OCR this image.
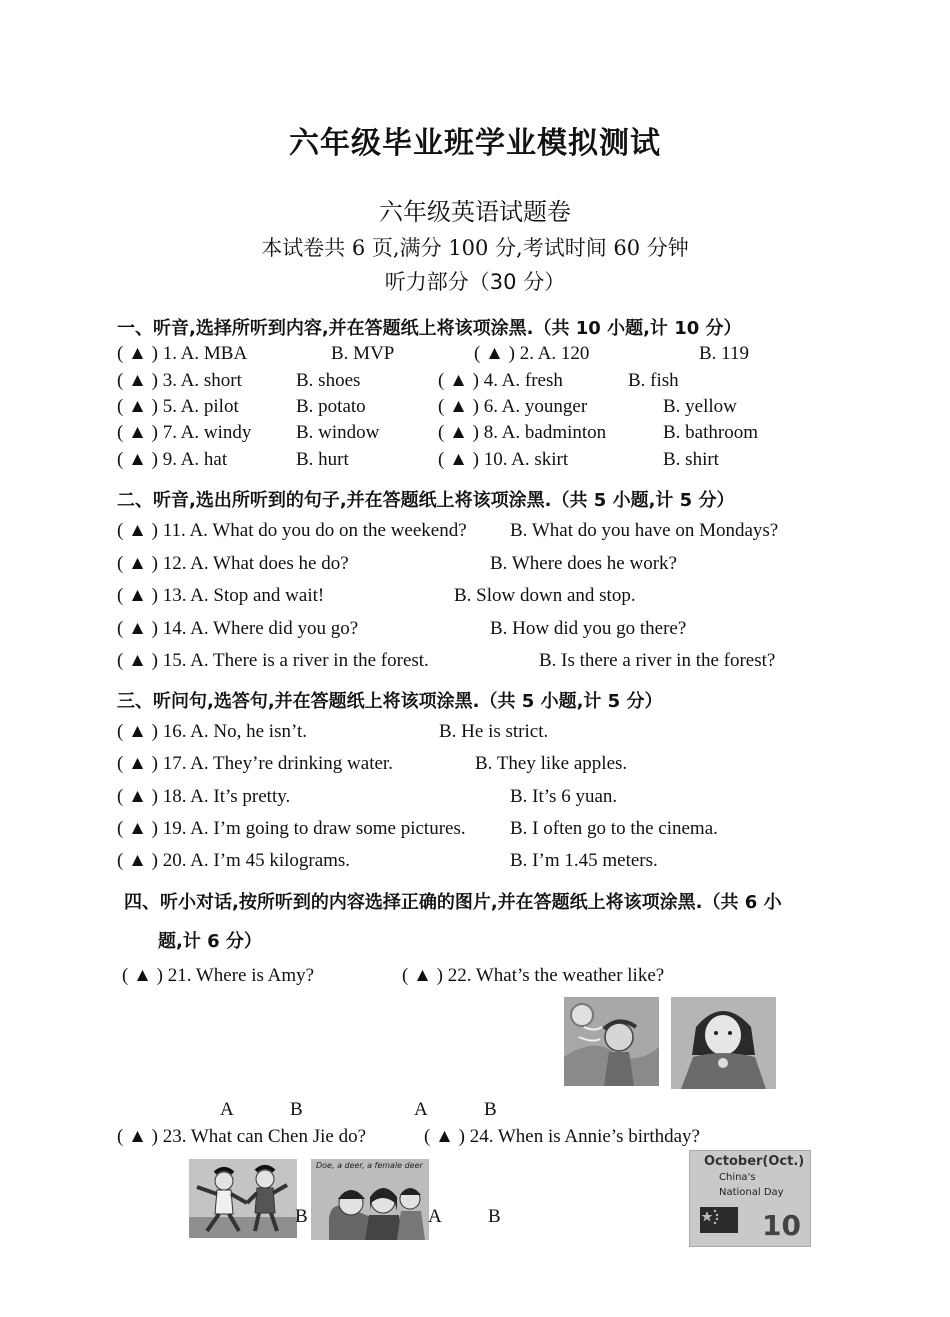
六年级毕业班学业模拟测试
六年级英语试题卷
本试卷共 6 页,满分 100 分,考试时间 60 分钟
听力部分（30 分）
一、听音,选择所听到内容,并在答题纸上将该项涂黑.（共 10 小题,计 10 分）
( ▲ ) 1. A. MBA	B. MVP	( ▲ ) 2. A. 120	B. 119
( ▲ ) 3. A. short	B. shoes	( ▲ ) 4. A. fresh	B. fish
( ▲ ) 5. A. pilot	B. potato	( ▲ ) 6. A. younger	B. yellow
( ▲ ) 7. A. windy B. window	( ▲ ) 8. A. badminton	B. bathroom
( ▲ ) 9. A. hat	B. hurt	( ▲ ) 10. A. skirt	B. shirt
二、听音,选出所听到的句子,并在答题纸上将该项涂黑.（共 5 小题,计 5 分）
( ▲ ) 11. A. What do you do on the weekend? B. What do you have on Mondays?
( ▲ ) 12. A. What does he do?	B. Where does he work?
( ▲ ) 13. A. Stop and wait!	B. Slow down and stop.
( ▲ ) 14. A. Where did you go?	B. How did you go there?
( ▲ ) 15. A. There is a river in the forest.	B. Is there a river in the forest?
三、听问句,选答句,并在答题纸上将该项涂黑.（共 5 小题,计 5 分）
( ▲ ) 16. A. No, he isn’t.	B. He is strict.
( ▲ ) 17. A. They’re drinking water.	B. They like apples.
( ▲ ) 18. A. It’s pretty.	B. It’s 6 yuan.
( ▲ ) 19. A. I’m going to draw some pictures. B. I often go to the cinema.
( ▲ ) 20. A. I’m 45 kilograms.	B. I’m 1.45 meters.
四、听小对话,按所听到的内容选择正确的图片,并在答题纸上将该项涂黑.（共 6 小
题,计 6 分）
( ▲ ) 21. Where is Amy?	( ▲ ) 22. What’s the weather like?
A	B	A	B
( ▲ ) 23. What can Chen Jie do?	( ▲ ) 24. When is Annie’s birthday?
Doe, a deer, a female deer
B	A B
October(Oct.)
China's
National Day
10
